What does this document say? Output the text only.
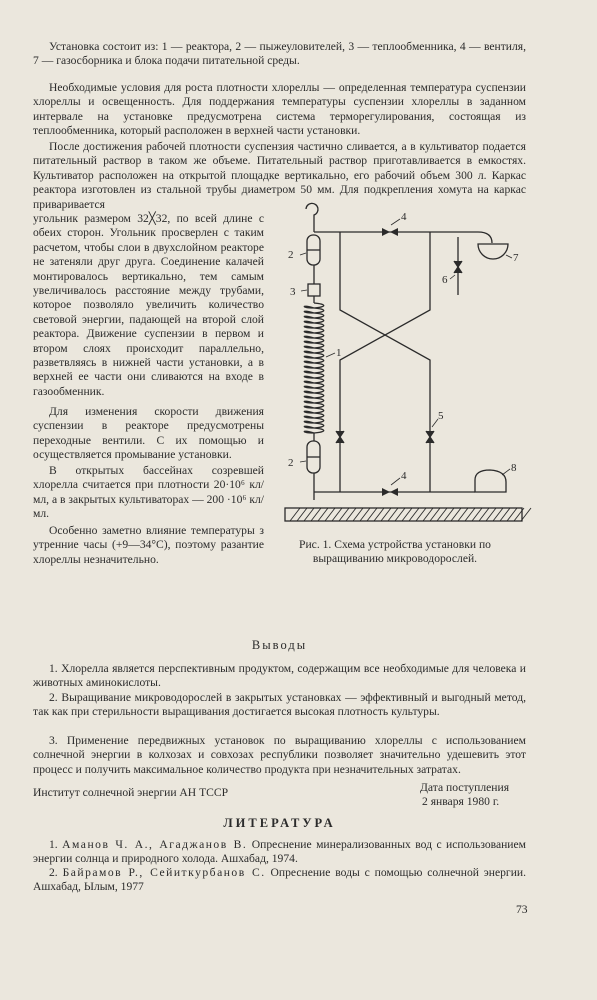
Установка состоит из: 1 — реактора, 2 — пыжеуловителей, 3 — теплообменника, 4 — вентиля, 7 — газосборника и блока подачи питательной среды.

Необходимые условия для роста плотности хлореллы — определенная температура суспензии хлореллы и освещенность. Для поддержания температуры суспензии хлореллы в заданном интервале на установке предусмотрена система терморегулирования, состоящая из теплообменника, который расположен в верхней части установки.

После достижения рабочей плотности суспензия частично сливается, а в культиватор подается питательный раствор в таком же объеме. Питательный раствор приготавливается в емкостях. Культиватор расположен на открытой площадке вертикально, его рабочий объем 300 л. Каркас реактора изготовлен из стальной трубы диаметром 50 мм. Для подкрепления хомута на каркас приваривается

угольник размером 32╳32, по всей длине с обеих сторон. Угольник просверлен с таким расчетом, чтобы слои в двухслойном реакторе не затеняли друг друга. Соединение калачей монтировалось вертикально, тем самым увеличивалось расстояние между трубами, которое позволяло увеличить количество световой энергии, падающей на второй слой реактора. Движение суспензии в первом и втором слоях происходит параллельно, разветвляясь в нижней части установки, а в верхней ее части они сливаются на входе в газообменник.

Для изменения скорости движения суспензии в реакторе предусмотрены переходные вентили. С их помощью и осуществляется промывание установки.

В открытых бассейнах созревшей хлорелла считается при плотности 20·10⁶ кл/мл, а в закрытых культиваторах — 200 ·10⁶ кл/мл.

Особенно заметно влияние температуры з утренние часы (+9—34°С), поэтому разантие хлореллы незначительно.

2
3
1
2
4
4
5
6
7
8

Рис. 1. Схема устройства установки по выращиванию микроводорослей.

Выводы

1. Хлорелла является перспективным продуктом, содержащим все необходимые для человека и животных аминокислоты.

2. Выращивание микроводорослей в закрытых установках — эффективный и выгодный метод, так как при стерильности выращивания достигается высокая плотность культуры.

3. Применение передвижных установок по выращиванию хлореллы с использованием солнечной энергии в колхозах и совхозах республики позволяет значительно удешевить этот процесс и получить максимальное количество продукта при незначительных затратах.

Институт солнечной энергии АН ТССР	Дата поступления

2 января 1980 г.

ЛИТЕРАТУРА

1. Аманов Ч. А., Агаджанов В. Опреснение минерализованных вод с использованием энергии солнца и природного холода. Ашхабад, 1974.

2. Байрамов Р., Сейиткурбанов С. Опреснение воды с помощью солнечной энергии. Ашхабад, Ылым, 1977

73
